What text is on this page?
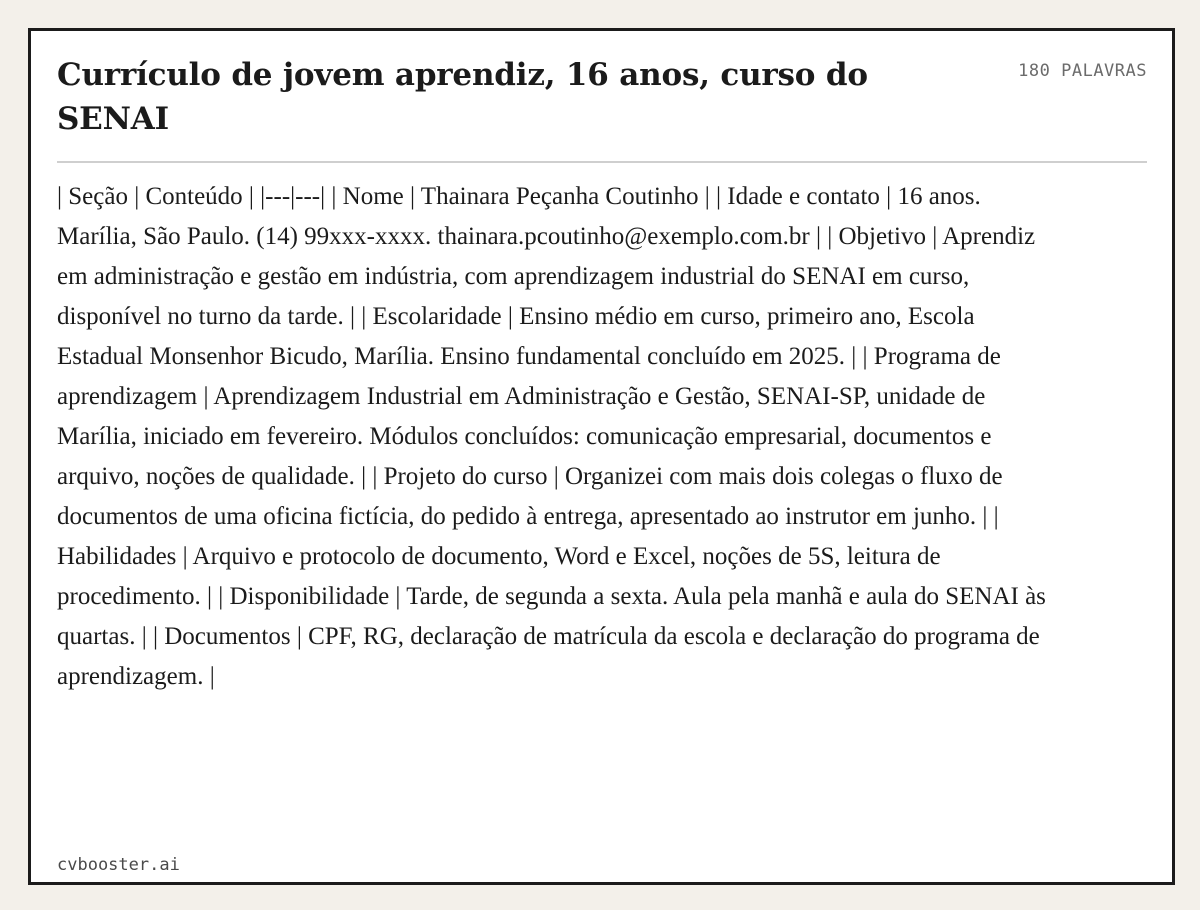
Currículo de jovem aprendiz, 16 anos, curso do SENAI
180 PALAVRAS

| Seção | Conteúdo | |---|---| | Nome | Thainara Peçanha Coutinho | | Idade e contato | 16 anos. Marília, São Paulo. (14) 99xxx-xxxx. thainara.pcoutinho@exemplo.com.br | | Objetivo | Aprendiz em administração e gestão em indústria, com aprendizagem industrial do SENAI em curso, disponível no turno da tarde. | | Escolaridade | Ensino médio em curso, primeiro ano, Escola Estadual Monsenhor Bicudo, Marília. Ensino fundamental concluído em 2025. | | Programa de aprendizagem | Aprendizagem Industrial em Administração e Gestão, SENAI-SP, unidade de Marília, iniciado em fevereiro. Módulos concluídos: comunicação empresarial, documentos e arquivo, noções de qualidade. | | Projeto do curso | Organizei com mais dois colegas o fluxo de documentos de uma oficina fictícia, do pedido à entrega, apresentado ao instrutor em junho. | | Habilidades | Arquivo e protocolo de documento, Word e Excel, noções de 5S, leitura de procedimento. | | Disponibilidade | Tarde, de segunda a sexta. Aula pela manhã e aula do SENAI às quartas. | | Documentos | CPF, RG, declaração de matrícula da escola e declaração do programa de aprendizagem. |

cvbooster.ai
